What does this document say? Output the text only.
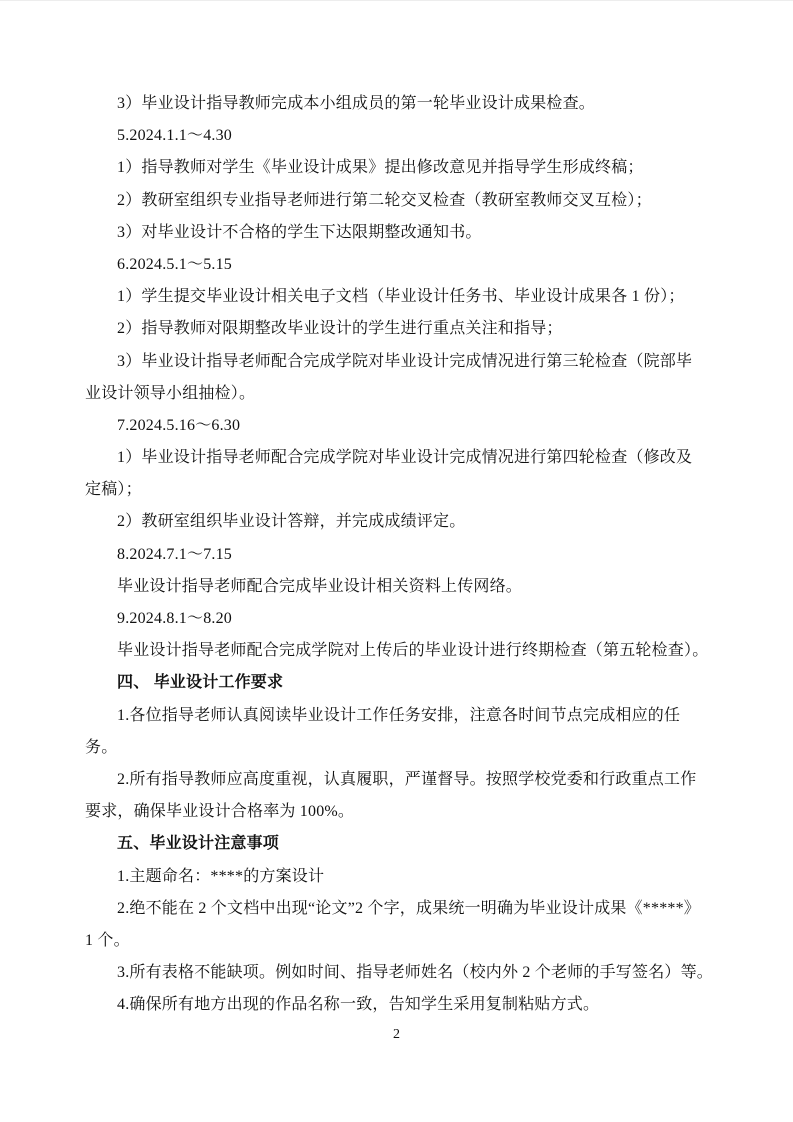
3）毕业设计指导教师完成本小组成员的第一轮毕业设计成果检查。
5.2024.1.1～4.30
1）指导教师对学生《毕业设计成果》提出修改意见并指导学生形成终稿；
2）教研室组织专业指导老师进行第二轮交叉检查（教研室教师交叉互检）；
3）对毕业设计不合格的学生下达限期整改通知书。
6.2024.5.1～5.15
1）学生提交毕业设计相关电子文档（毕业设计任务书、毕业设计成果各 1 份）；
2）指导教师对限期整改毕业设计的学生进行重点关注和指导；
3）毕业设计指导老师配合完成学院对毕业设计完成情况进行第三轮检查（院部毕
业设计领导小组抽检）。
7.2024.5.16～6.30
1）毕业设计指导老师配合完成学院对毕业设计完成情况进行第四轮检查（修改及
定稿）；
2）教研室组织毕业设计答辩，并完成成绩评定。
8.2024.7.1～7.15
毕业设计指导老师配合完成毕业设计相关资料上传网络。
9.2024.8.1～8.20
毕业设计指导老师配合完成学院对上传后的毕业设计进行终期检查（第五轮检查）。
四、 毕业设计工作要求
1.各位指导老师认真阅读毕业设计工作任务安排，注意各时间节点完成相应的任
务。
2.所有指导教师应高度重视，认真履职，严谨督导。按照学校党委和行政重点工作
要求，确保毕业设计合格率为 100%。
五、毕业设计注意事项
1.主题命名：****的方案设计
2.绝不能在 2 个文档中出现“论文”2 个字，成果统一明确为毕业设计成果《*****》
1 个。
3.所有表格不能缺项。例如时间、指导老师姓名（校内外 2 个老师的手写签名）等。
4.确保所有地方出现的作品名称一致，告知学生采用复制粘贴方式。
2
